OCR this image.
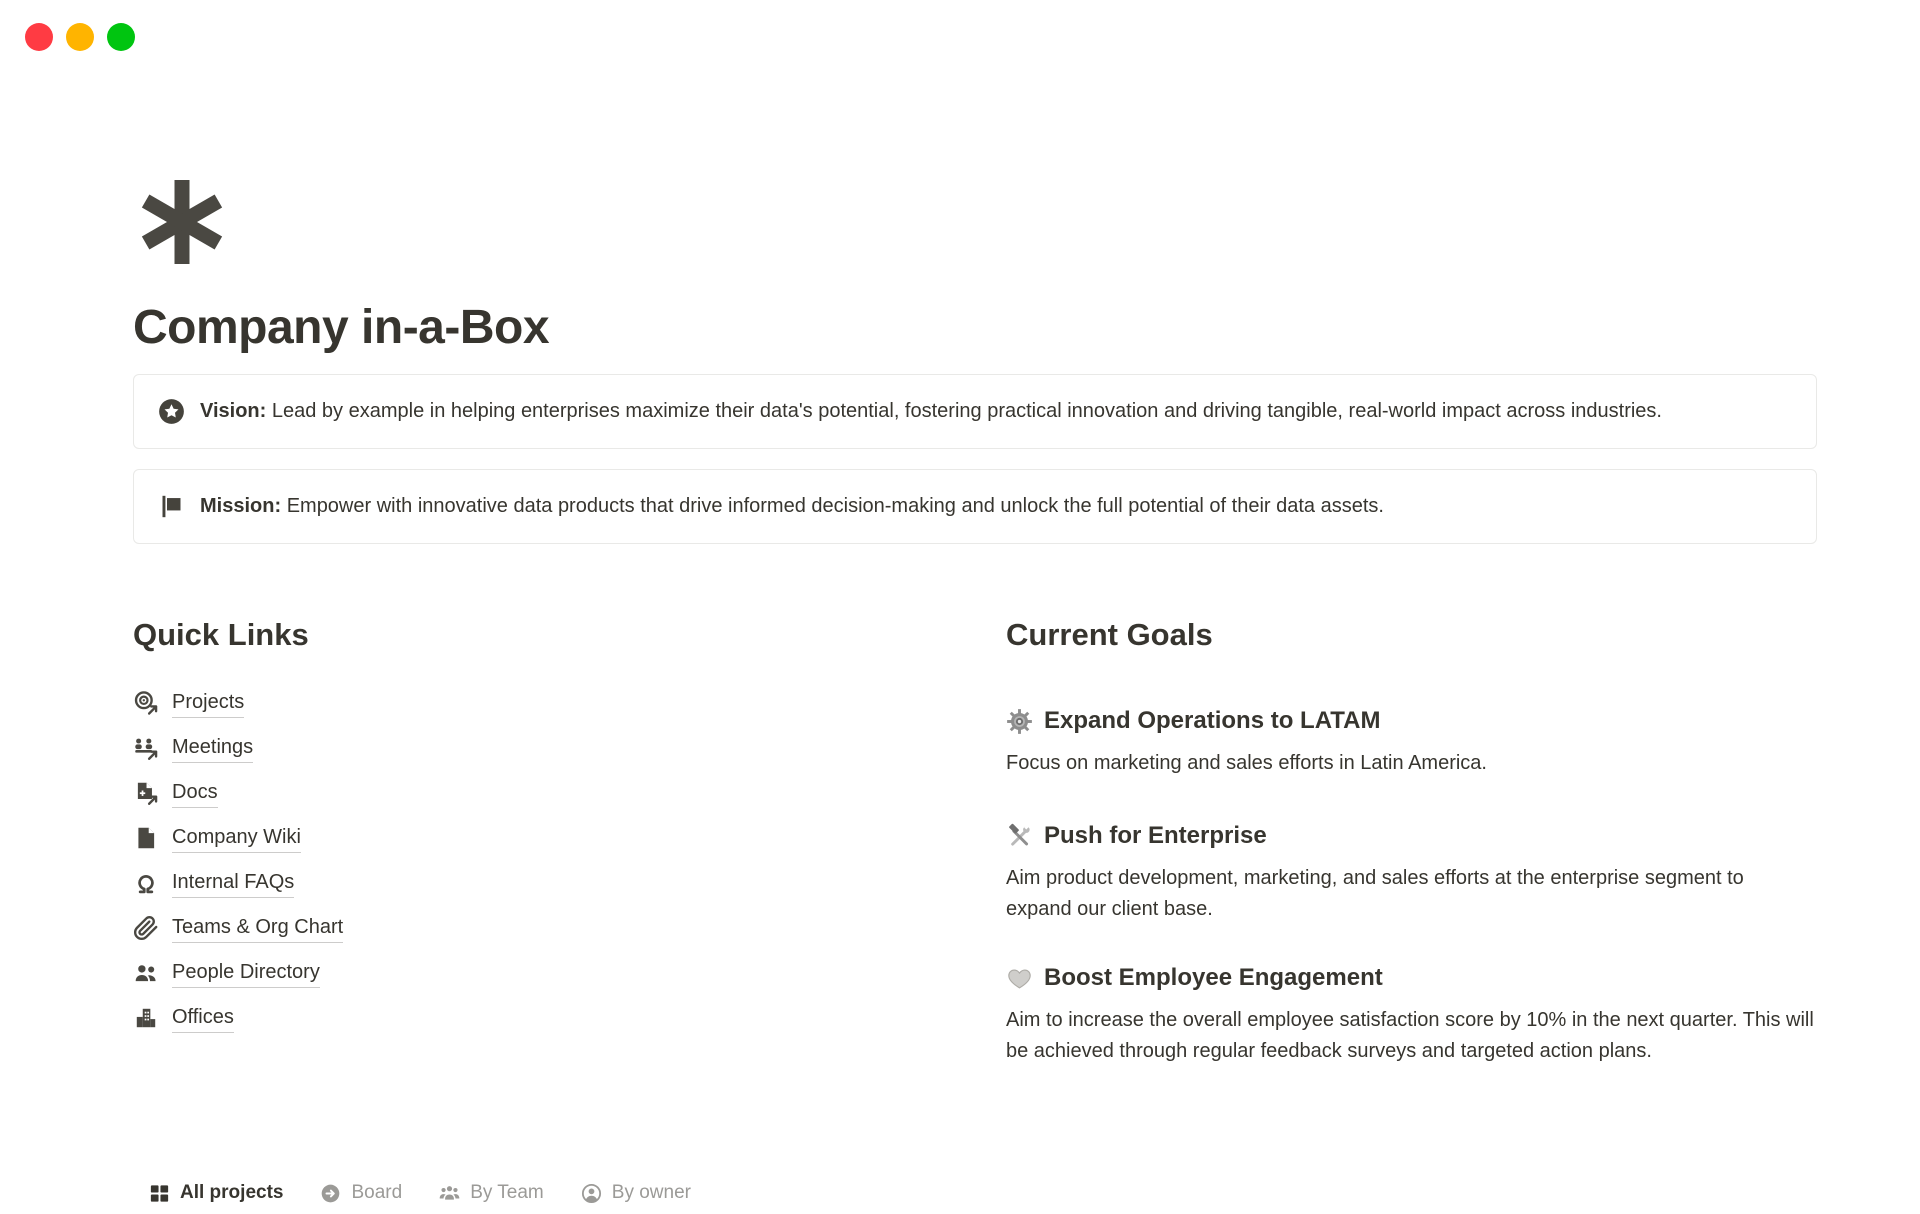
Company in-a-Box

Vision: Lead by example in helping enterprises maximize their data's potential, fostering practical innovation and driving tangible, real-world impact across industries.

Mission: Empower with innovative data products that drive informed decision-making and unlock the full potential of their data assets.

Quick Links
Projects
Meetings
Docs
Company Wiki
Internal FAQs
Teams & Org Chart
People Directory
Offices
Current Goals
Expand Operations to LATAM

Focus on marketing and sales efforts in Latin America.

Push for Enterprise

Aim product development, marketing, and sales efforts at the enterprise segment to expand our client base.

Boost Employee Engagement

Aim to increase the overall employee satisfaction score by 10% in the next quarter. This will be achieved through regular feedback surveys and targeted action plans.

All projects	Board	By Team	By owner
